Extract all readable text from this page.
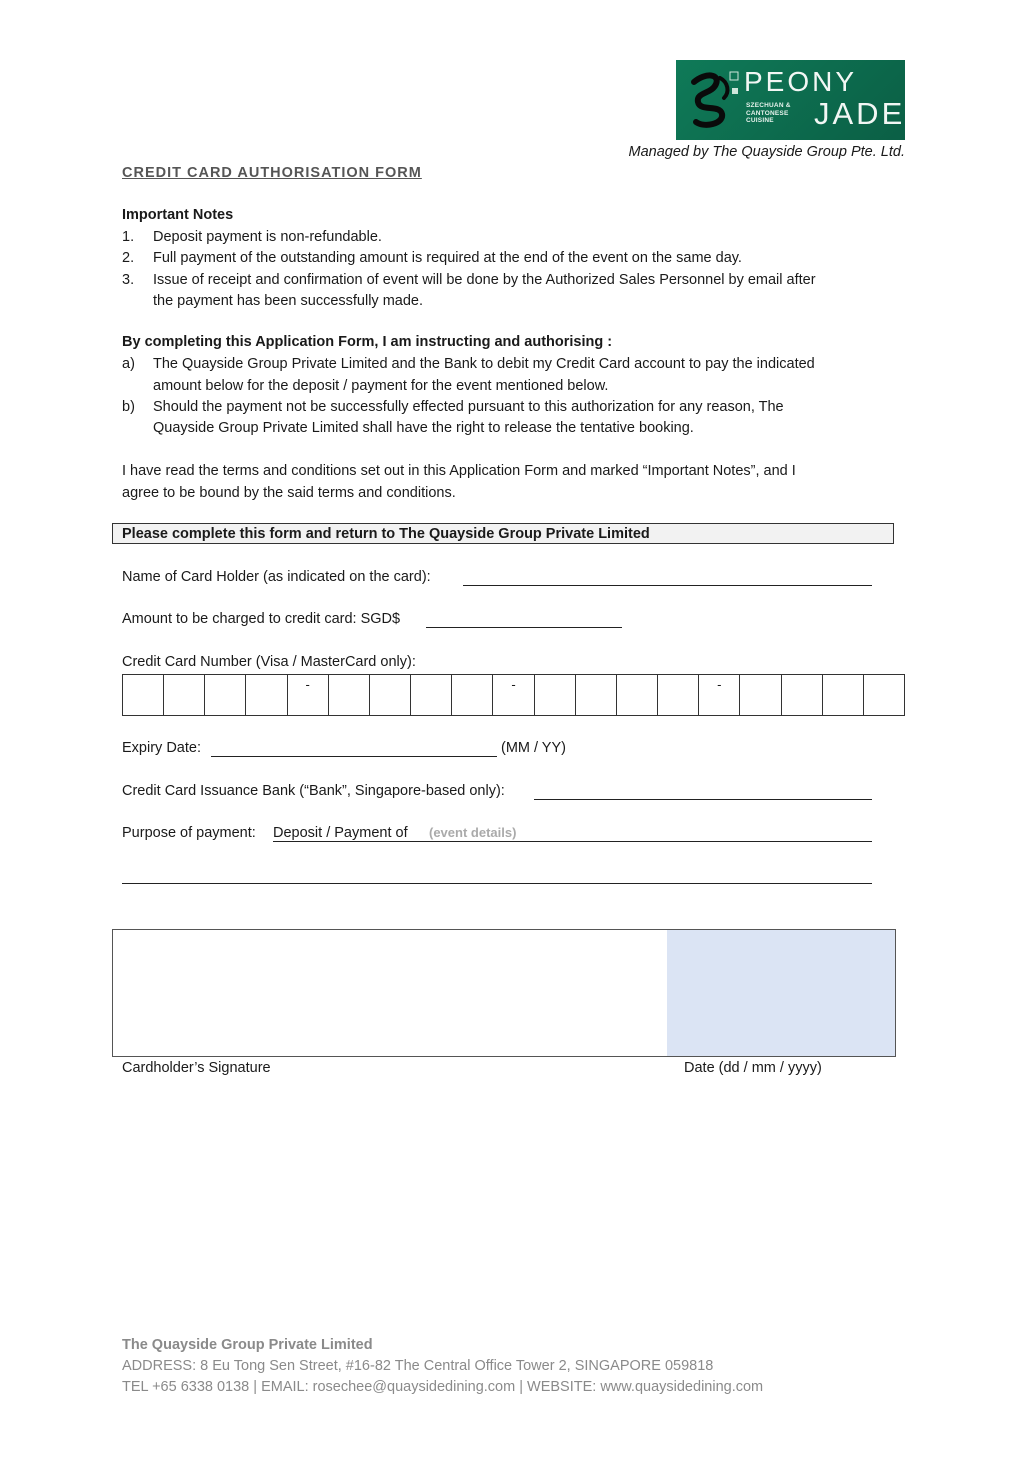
PEONY
SZECHUAN &
CANTONESE
CUISINE	JADE
Managed by The Quayside Group Pte. Ltd.
CREDIT CARD AUTHORISATION FORM
Important Notes
1. Deposit payment is non-refundable.
2. Full payment of the outstanding amount is required at the end of the event on the same day.
3. Issue of receipt and confirmation of event will be done by the Authorized Sales Personnel by email after
the payment has been successfully made.
By completing this Application Form, I am instructing and authorising :
a) The Quayside Group Private Limited and the Bank to debit my Credit Card account to pay the indicated
amount below for the deposit / payment for the event mentioned below.
b) Should the payment not be successfully effected pursuant to this authorization for any reason, The
Quayside Group Private Limited shall have the right to release the tentative booking.
I have read the terms and conditions set out in this Application Form and marked “Important Notes”, and I
agree to be bound by the said terms and conditions.
Please complete this form and return to The Quayside Group Private Limited
Name of Card Holder (as indicated on the card):
Amount to be charged to credit card: SGD$
Credit Card Number (Visa / MasterCard only):
-	-	-
Expiry Date:	(MM / YY)
Credit Card Issuance Bank (“Bank”, Singapore-based only):
Purpose of payment: Deposit / Payment of (event details)
Cardholder’s Signature	Date (dd / mm / yyyy)
The Quayside Group Private Limited
ADDRESS: 8 Eu Tong Sen Street, #16-82 The Central Office Tower 2, SINGAPORE 059818
TEL +65 6338 0138 | EMAIL: rosechee@quaysidedining.com | WEBSITE: www.quaysidedining.com
